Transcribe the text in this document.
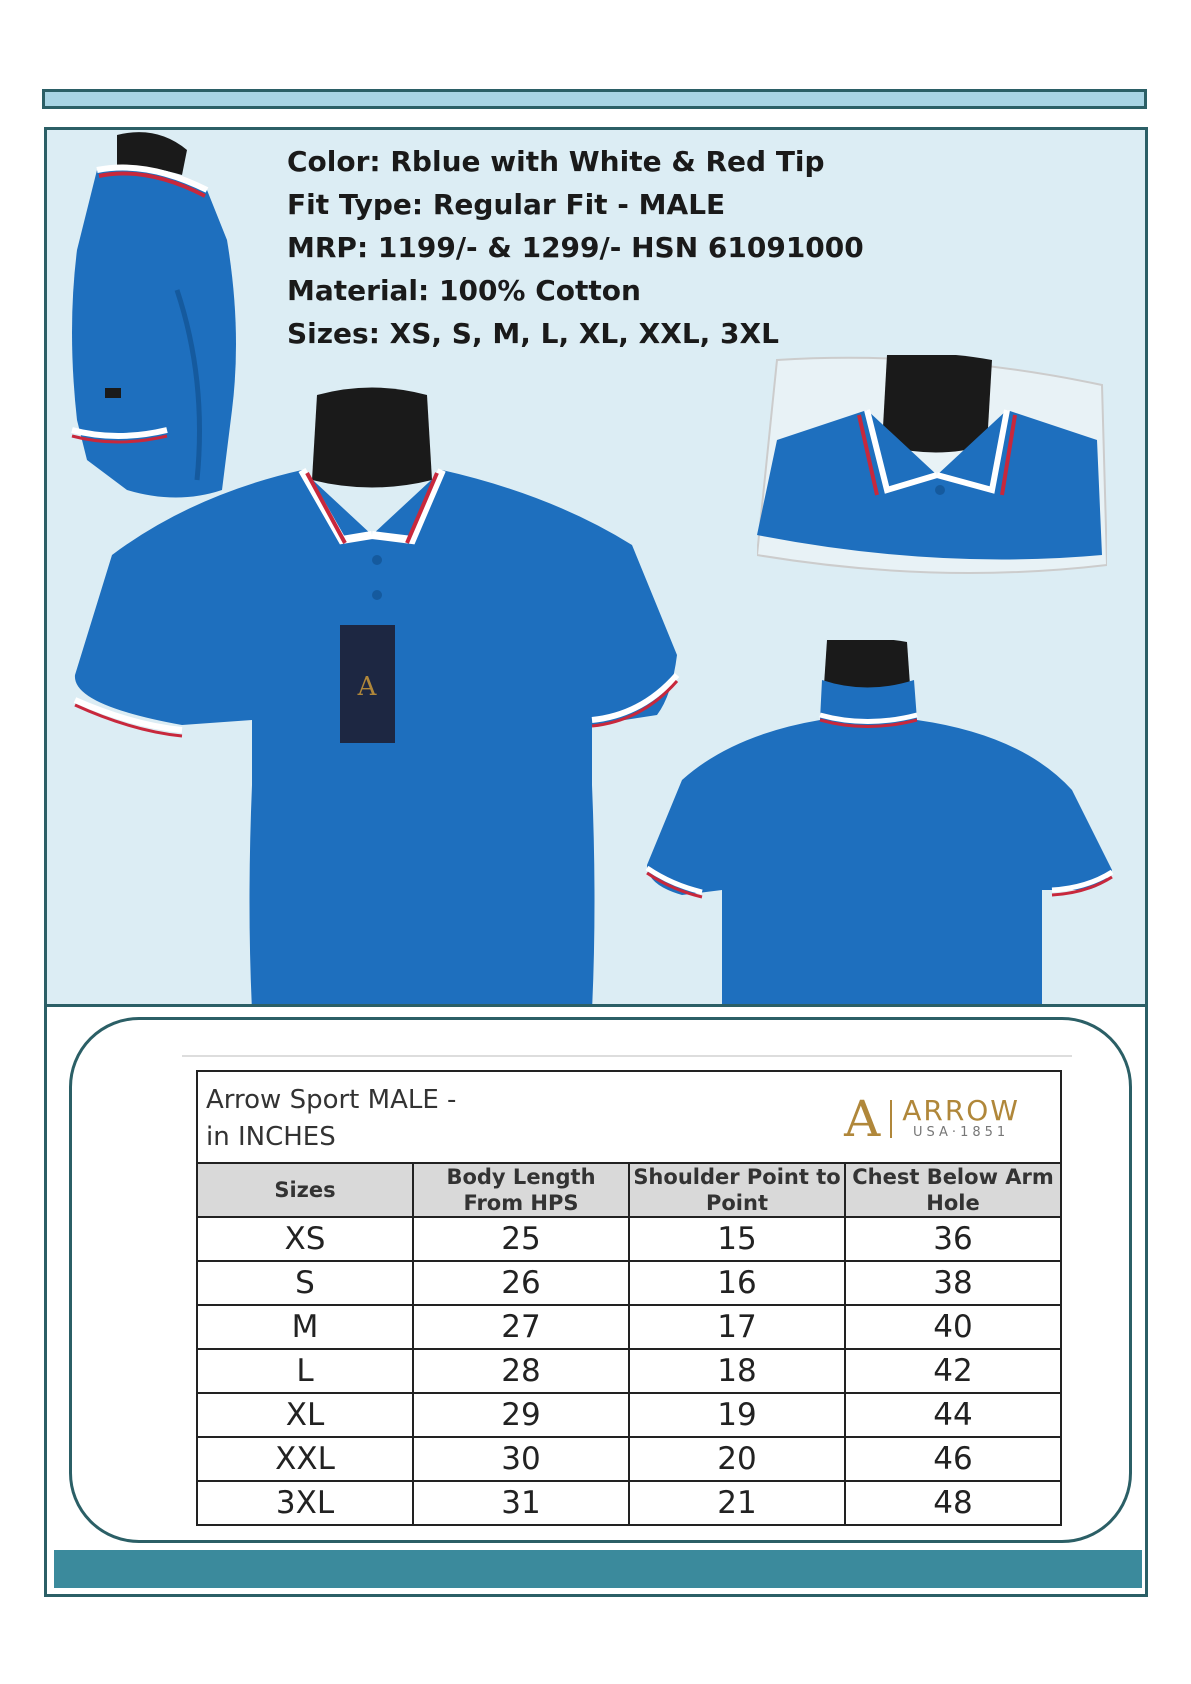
Color: Rblue with White & Red Tip
Fit Type: Regular Fit - MALE
MRP: 1199/- & 1299/- HSN 61091000
Material: 100% Cotton
Sizes: XS, S, M, L, XL, XXL, 3XL
A
Arrow Sport MALE -
in INCHES A ARROW
USA·1851			

Sizes	Body Length From HPS	Shoulder Point to Point	Chest Below Arm Hole
XS	25	15	36
S	26	16	38
M	27	17	40
L	28	18	42
XL	29	19	44
XXL	30	20	46
3XL	31	21	48
